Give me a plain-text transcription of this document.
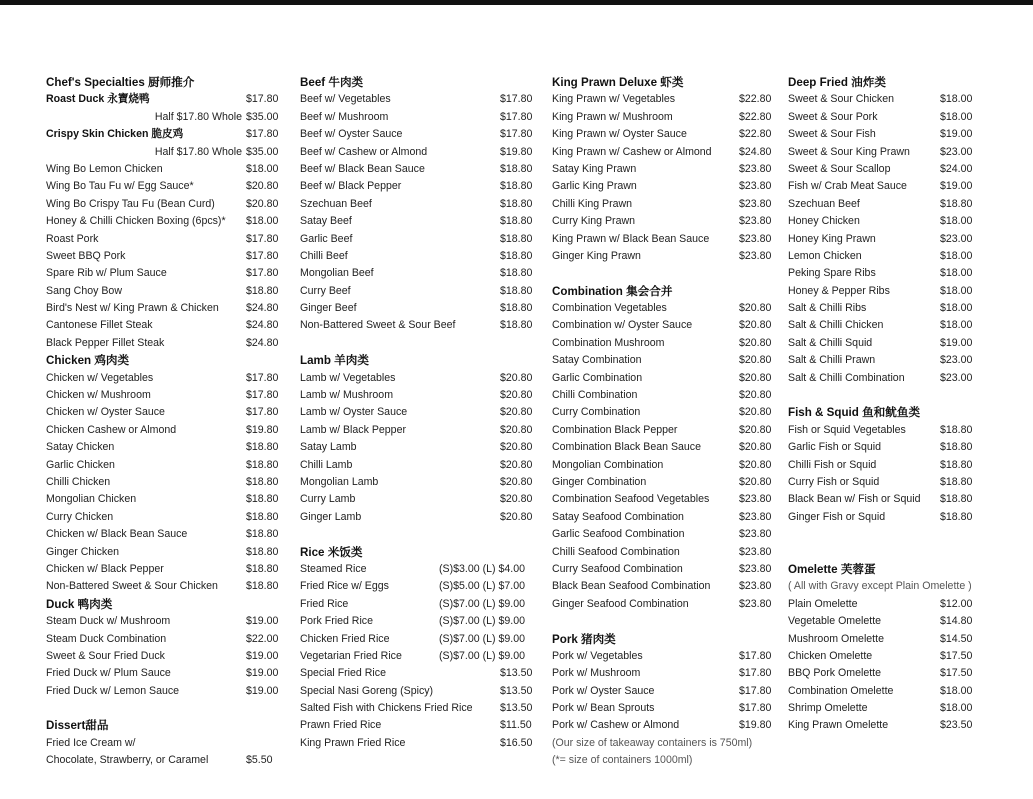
Chef's Specialties 厨师推介
Roast Duck 永寶烧鸭	$17.80
Half $17.80 Whole $35.00
Crispy Skin Chicken 脆皮鸡	$17.80
Half $17.80 Whole $35.00
Wing Bo Lemon Chicken	$18.00
Wing Bo Tau Fu w/ Egg Sauce*	$20.80
Wing Bo Crispy Tau Fu (Bean Curd)	$20.80
Honey & Chilli Chicken Boxing (6pcs)* $18.00
Roast Pork	$17.80
Sweet BBQ Pork	$17.80
Spare Rib w/ Plum Sauce	$17.80
Sang Choy Bow	$18.80
Bird's Nest w/ King Prawn & Chicken	$24.80
Cantonese Fillet Steak	$24.80
Black Pepper Fillet Steak	$24.80
Chicken 鸡肉类
Chicken w/ Vegetables	$17.80
Chicken w/ Mushroom	$17.80
Chicken w/ Oyster Sauce	$17.80
Chicken Cashew or Almond	$19.80
Satay Chicken	$18.80
Garlic Chicken	$18.80
Chilli Chicken	$18.80
Mongolian Chicken	$18.80
Curry Chicken	$18.80
Chicken w/ Black Bean Sauce	$18.80
Ginger Chicken	$18.80
Chicken w/ Black Pepper	$18.80
Non-Battered Sweet & Sour Chicken	$18.80
Duck 鸭肉类
Steam Duck w/ Mushroom	$19.00
Steam Duck Combination	$22.00
Sweet & Sour Fried Duck	$19.00
Fried Duck w/ Plum Sauce	$19.00
Fried Duck w/ Lemon Sauce	$19.00
Dissert甜品
Fried Ice Cream w/
Chocolate, Strawberry, or Caramel	$5.50
Beef 牛肉类
Beef w/ Vegetables	$17.80
Beef w/ Mushroom	$17.80
Beef w/ Oyster Sauce	$17.80
Beef w/ Cashew or Almond	$19.80
Beef w/ Black Bean Sauce	$18.80
Beef w/ Black Pepper	$18.80
Szechuan Beef	$18.80
Satay Beef	$18.80
Garlic Beef	$18.80
Chilli Beef	$18.80
Mongolian Beef	$18.80
Curry Beef	$18.80
Ginger Beef	$18.80
Non-Battered Sweet & Sour Beef	$18.80
Lamb 羊肉类
Lamb w/ Vegetables	$20.80
Lamb w/ Mushroom	$20.80
Lamb w/ Oyster Sauce	$20.80
Lamb w/ Black Pepper	$20.80
Satay Lamb	$20.80
Chilli Lamb	$20.80
Mongolian Lamb	$20.80
Curry Lamb	$20.80
Ginger Lamb	$20.80
Rice 米饭类
Steamed Rice	(S)$3.00 (L) $4.00
Fried Rice w/ Eggs	(S)$5.00 (L) $7.00
Fried Rice	(S)$7.00 (L) $9.00
Pork Fried Rice	(S)$7.00 (L) $9.00
Chicken Fried Rice	(S)$7.00 (L) $9.00
Vegetarian Fried Rice	(S)$7.00 (L) $9.00
Special Fried Rice	$13.50
Special Nasi Goreng (Spicy)	$13.50
Salted Fish with Chickens Fried Rice	$13.50
Prawn Fried Rice	$11.50
King Prawn Fried Rice	$16.50
King Prawn Deluxe 虾类
King Prawn w/ Vegetables	$22.80
King Prawn w/ Mushroom	$22.80
King Prawn w/ Oyster Sauce	$22.80
King Prawn w/ Cashew or Almond	$24.80
Satay King Prawn	$23.80
Garlic King Prawn	$23.80
Chilli King Prawn	$23.80
Curry King Prawn	$23.80
King Prawn w/ Black Bean Sauce	$23.80
Ginger King Prawn	$23.80
Combination 集会合并
Combination Vegetables	$20.80
Combination w/ Oyster Sauce	$20.80
Combination Mushroom	$20.80
Satay Combination	$20.80
Garlic Combination	$20.80
Chilli Combination	$20.80
Curry Combination	$20.80
Combination Black Pepper	$20.80
Combination Black Bean Sauce	$20.80
Mongolian Combination	$20.80
Ginger Combination	$20.80
Combination Seafood Vegetables	$23.80
Satay Seafood Combination	$23.80
Garlic Seafood Combination	$23.80
Chilli Seafood Combination	$23.80
Curry Seafood Combination	$23.80
Black Bean Seafood Combination	$23.80
Ginger Seafood Combination	$23.80
Pork 猪肉类
Pork w/ Vegetables	$17.80
Pork w/ Mushroom	$17.80
Pork w/ Oyster Sauce	$17.80
Pork w/ Bean Sprouts	$17.80
Pork w/ Cashew or Almond	$19.80
(Our size of takeaway containers is 750ml)
(*= size of containers 1000ml)
Deep Fried 油炸类
Sweet & Sour Chicken	$18.00
Sweet & Sour Pork	$18.00
Sweet & Sour Fish	$19.00
Sweet & Sour King Prawn	$23.00
Sweet & Sour Scallop	$24.00
Fish w/ Crab Meat Sauce	$19.00
Szechuan Beef	$18.80
Honey Chicken	$18.00
Honey King Prawn	$23.00
Lemon Chicken	$18.00
Peking Spare Ribs	$18.00
Honey & Pepper Ribs	$18.00
Salt & Chilli Ribs	$18.00
Salt & Chilli Chicken	$18.00
Salt & Chilli Squid	$19.00
Salt & Chilli Prawn	$23.00
Salt & Chilli Combination	$23.00
Fish & Squid 鱼和鱿鱼类
Fish or Squid Vegetables	$18.80
Garlic Fish or Squid	$18.80
Chilli Fish or Squid	$18.80
Curry Fish or Squid	$18.80
Black Bean w/ Fish or Squid $18.80
Ginger Fish or Squid	$18.80
Omelette 芙蓉蛋
( All with Gravy except Plain Omelette )
Plain Omelette	$12.00
Vegetable Omelette	$14.80
Mushroom Omelette	$14.50
Chicken Omelette	$17.50
BBQ Pork Omelette	$17.50
Combination Omelette	$18.00
Shrimp Omelette	$18.00
King Prawn Omelette	$23.50
